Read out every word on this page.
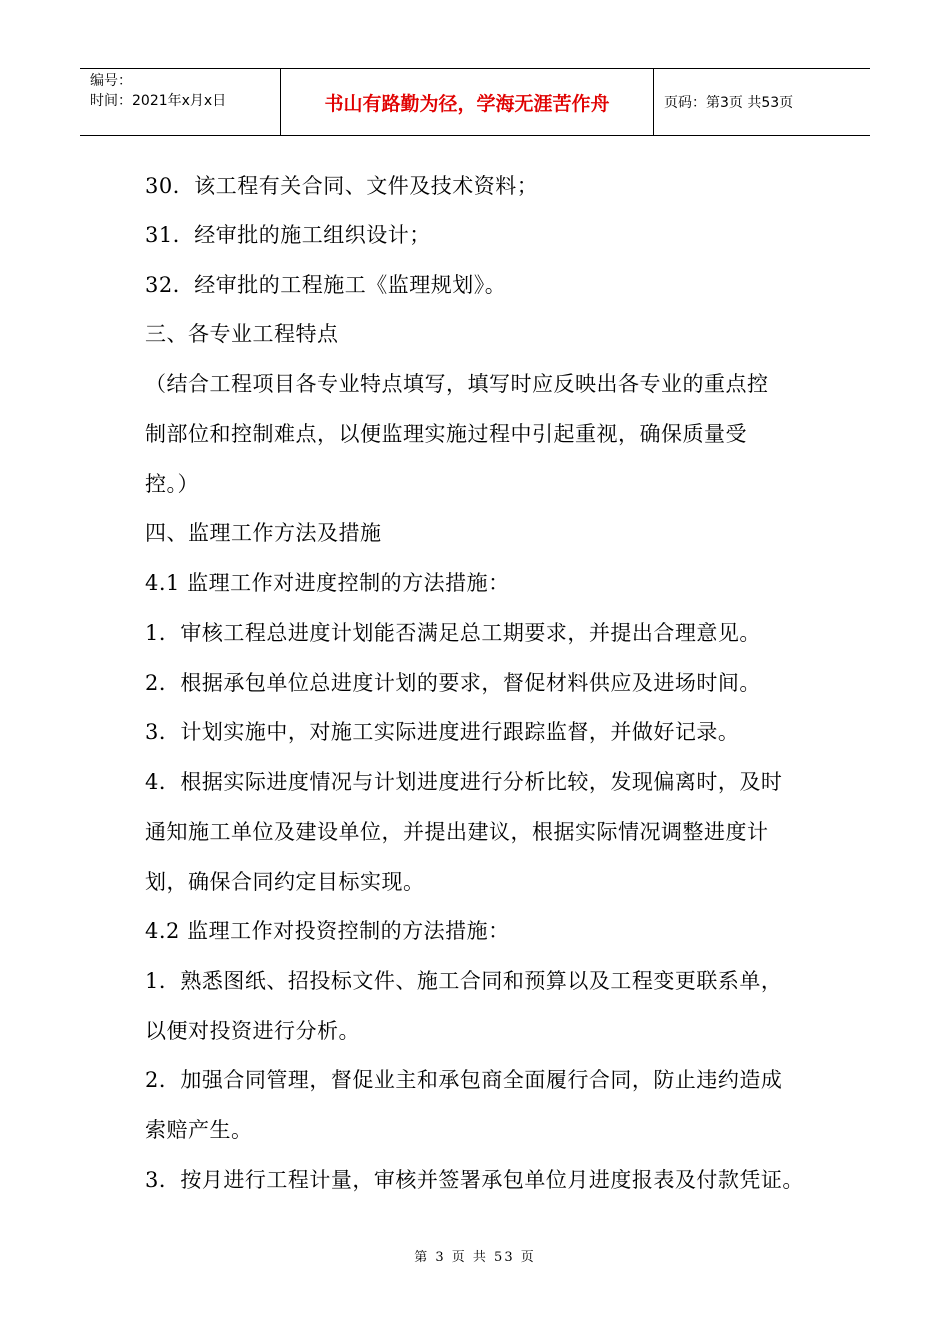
编号：
时间：2021年x月x日	书山有路勤为径，学海无涯苦作舟	页码：第3页 共53页
30．该工程有关合同、文件及技术资料；
31．经审批的施工组织设计；
32．经审批的工程施工《监理规划》。
三、各专业工程特点
（结合工程项目各专业特点填写，填写时应反映出各专业的重点控
制部位和控制难点，以便监理实施过程中引起重视，确保质量受
控。）
四、监理工作方法及措施
4.1 监理工作对进度控制的方法措施：
1．审核工程总进度计划能否满足总工期要求，并提出合理意见。
2．根据承包单位总进度计划的要求，督促材料供应及进场时间。
3．计划实施中，对施工实际进度进行跟踪监督，并做好记录。
4．根据实际进度情况与计划进度进行分析比较，发现偏离时，及时
通知施工单位及建设单位，并提出建议，根据实际情况调整进度计
划，确保合同约定目标实现。
4.2 监理工作对投资控制的方法措施：
1．熟悉图纸、招投标文件、施工合同和预算以及工程变更联系单，
以便对投资进行分析。
2．加强合同管理，督促业主和承包商全面履行合同，防止违约造成
索赔产生。
3．按月进行工程计量，审核并签署承包单位月进度报表及付款凭证。
第 3 页 共 53 页
